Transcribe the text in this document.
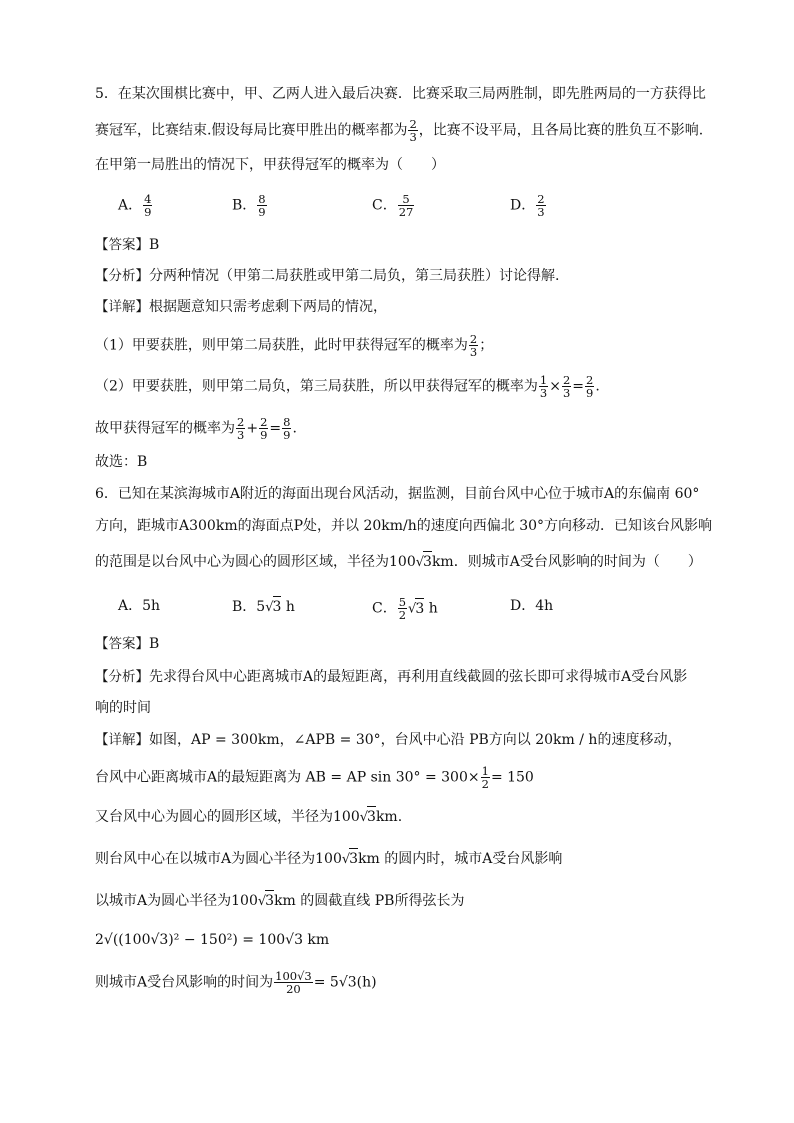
5．在某次围棋比赛中，甲、乙两人进入最后决赛．比赛采取三局两胜制，即先胜两局的一方获得比
赛冠军，比赛结束.假设每局比赛甲胜出的概率都为 $\frac{2}{3}$ ，比赛不设平局，且各局比赛的胜负互不影响.
在甲第一局胜出的情况下，甲获得冠军的概率为（　　）
A． $\frac{4}{9}$	B． $\frac{8}{9}$	C． $\frac{5}{27}$	D． $\frac{2}{3}$
【答案】B
【分析】分两种情况（甲第二局获胜或甲第二局负，第三局获胜）讨论得解.
【详解】根据题意知只需考虑剩下两局的情况，
（1）甲要获胜，则甲第二局获胜，此时甲获得冠军的概率为 $\frac{2}{3}$ ；
（2）甲要获胜，则甲第二局负，第三局获胜，所以甲获得冠军的概率为 $\frac{1}{3} \times \frac{2}{3} = \frac{2}{9}$ .
故甲获得冠军的概率为 $\frac{2}{3} + \frac{2}{9} = \frac{8}{9}$ .
故选：B
6．已知在某滨海城市A附近的海面出现台风活动，据监测，目前台风中心位于城市A的东偏南 60°
方向，距城市A300km的海面点P处，并以 20km/h的速度向西偏北 30°方向移动．已知该台风影响
的范围是以台风中心为圆心的圆形区域，半径为100√3km．则城市A受台风影响的时间为（　　）
A．5h	B．5√3 h	C． $\frac{5}{2} √3$ h	D．4h
【答案】B
【分析】先求得台风中心距离城市A的最短距离，再利用直线截圆的弦长即可求得城市A受台风影
响的时间
【详解】如图，AP = 300km，∠APB = 30°，台风中心沿 PB方向以 20km / h的速度移动，
台风中心距离城市A的最短距离为 AB = AP $\sin 30^\circ = 300\times \frac{1}{2} = 150$
又台风中心为圆心的圆形区域，半径为100√3km.
则台风中心在以城市A为圆心半径为100√3km 的圆内时，城市A受台风影响
以城市A为圆心半径为100√3km 的圆截直线 PB所得弦长为
2√((100√3)² − 150²) = 100√3 km
则城市A受台风影响的时间为 $\frac{100√3}{20} = 5√3(h)$
